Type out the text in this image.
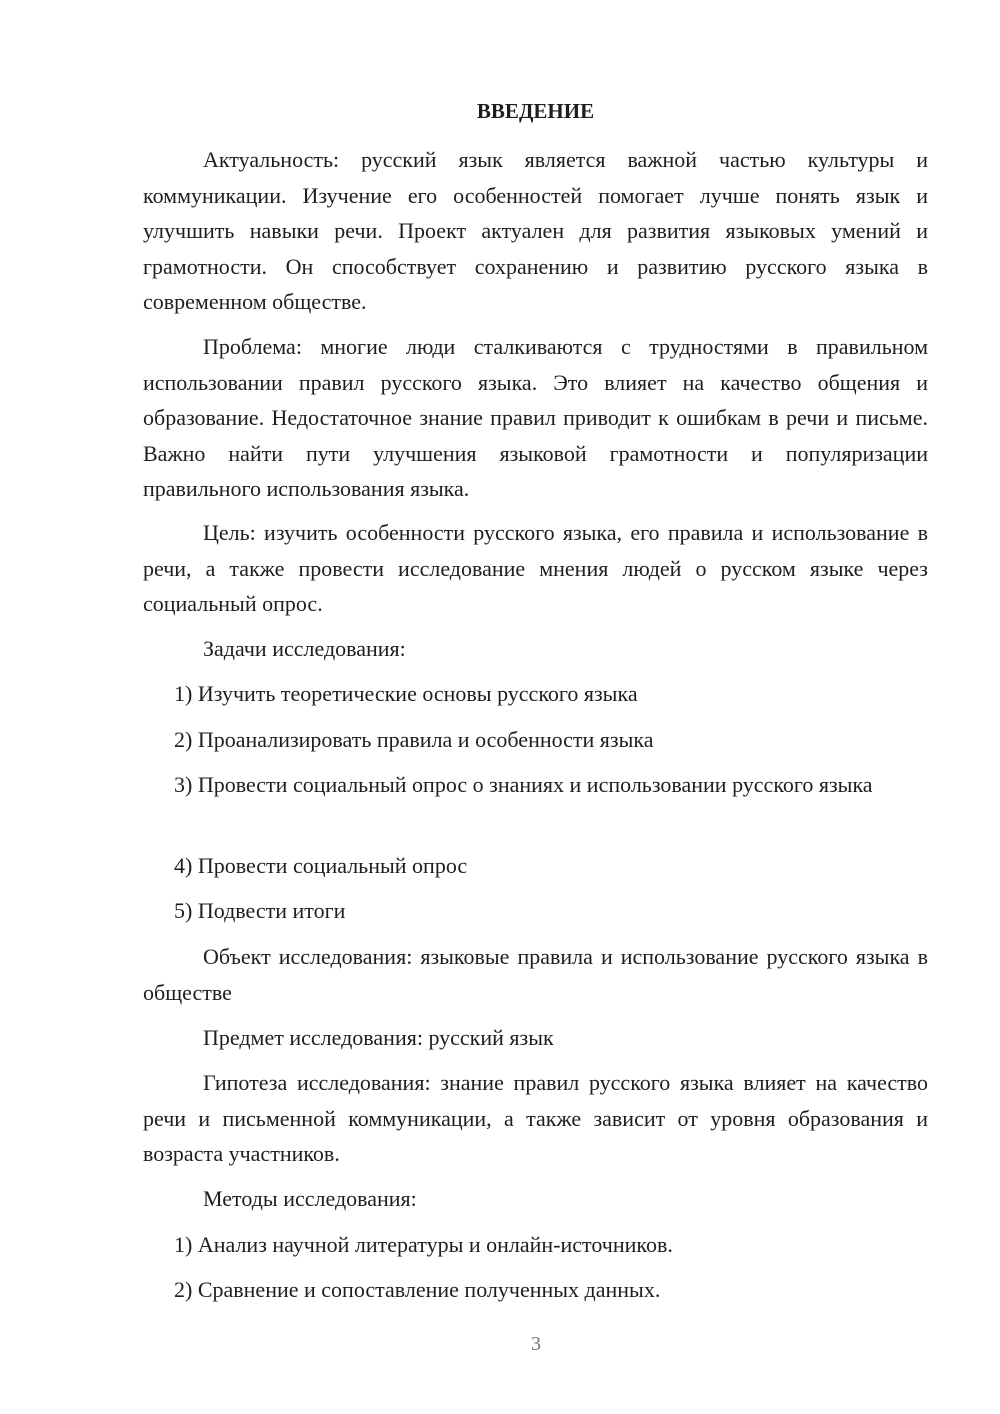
ВВЕДЕНИЕ

Актуальность: русский язык является важной частью культуры и коммуникации. Изучение его особенностей помогает лучше понять язык и улучшить навыки речи. Проект актуален для развития языковых умений и грамотности. Он способствует сохранению и развитию русского языка в современном обществе.

Проблема: многие люди сталкиваются с трудностями в правильном использовании правил русского языка. Это влияет на качество общения и образование. Недостаточное знание правил приводит к ошибкам в речи и письме. Важно найти пути улучшения языковой грамотности и популяризации правильного использования языка.

Цель: изучить особенности русского языка, его правила и использование в речи, а также провести исследование мнения людей о русском языке через социальный опрос.

Задачи исследования:

1) Изучить теоретические основы русского языка

2) Проанализировать правила и особенности языка

3) Провести социальный опрос о знаниях и использовании русского языка

4) Провести социальный опрос

5) Подвести итоги

Объект исследования: языковые правила и использование русского языка в обществе

Предмет исследования: русский язык

Гипотеза исследования: знание правил русского языка влияет на качество речи и письменной коммуникации, а также зависит от уровня образования и возраста участников.

Методы исследования:

1) Анализ научной литературы и онлайн-источников.

2) Сравнение и сопоставление полученных данных.

3
